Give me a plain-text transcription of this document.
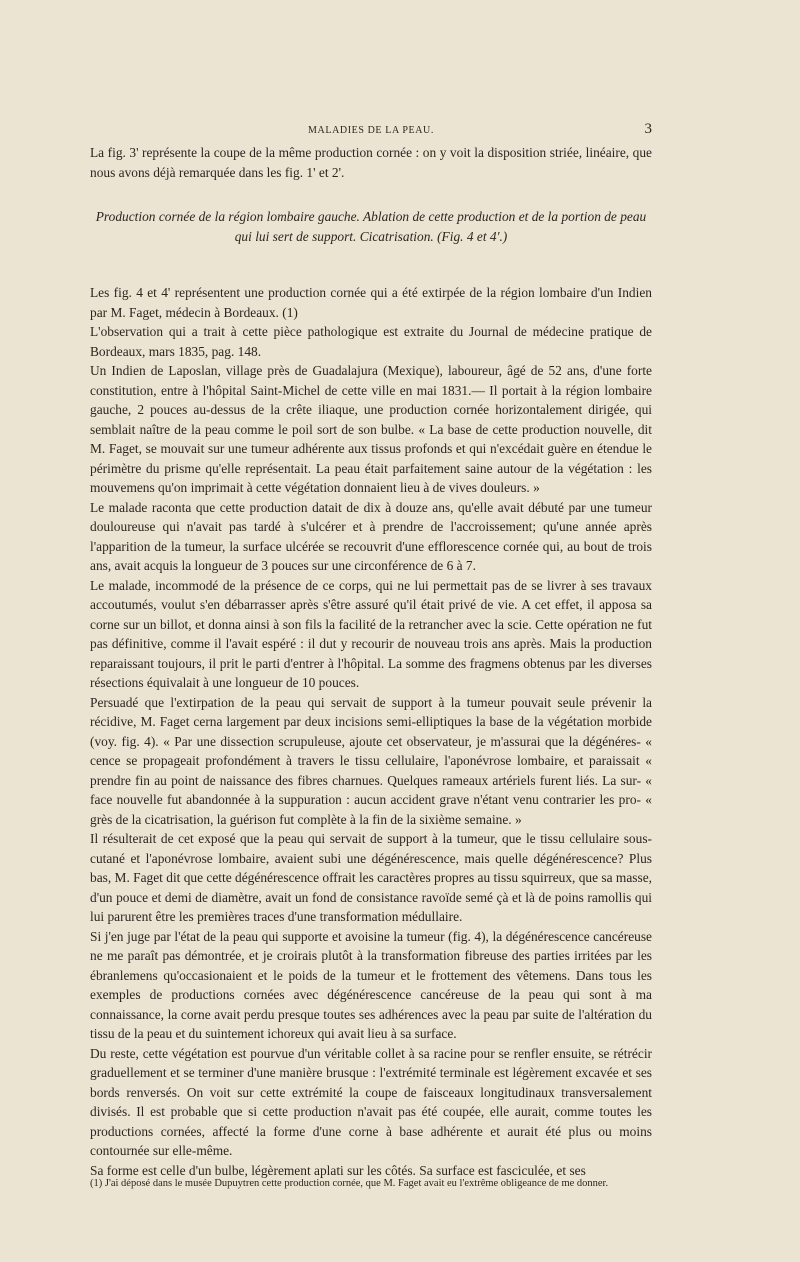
MALADIES DE LA PEAU.	3

La fig. 3' représente la coupe de la même production cornée : on y voit la disposition striée, linéaire, que nous avons déjà remarquée dans les fig. 1' et 2'.

Production cornée de la région lombaire gauche. Ablation de cette production et de la portion de peau qui lui sert de support. Cicatrisation. (Fig. 4 et 4'.)

Les fig. 4 et 4' représentent une production cornée qui a été extirpée de la région lombaire d'un Indien par M. Faget, médecin à Bordeaux. (1)

L'observation qui a trait à cette pièce pathologique est extraite du Journal de médecine pratique de Bordeaux, mars 1835, pag. 148.

Un Indien de Laposlan, village près de Guadalajura (Mexique), laboureur, âgé de 52 ans, d'une forte constitution, entre à l'hôpital Saint-Michel de cette ville en mai 1831.— Il portait à la région lombaire gauche, 2 pouces au-dessus de la crête iliaque, une production cornée horizontalement dirigée, qui semblait naître de la peau comme le poil sort de son bulbe. « La base de cette production nouvelle, dit M. Faget, se mouvait sur une tumeur adhérente aux tissus profonds et qui n'excédait guère en étendue le périmètre du prisme qu'elle représentait. La peau était parfaitement saine autour de la végétation : les mouvemens qu'on imprimait à cette végétation donnaient lieu à de vives douleurs. »

Le malade raconta que cette production datait de dix à douze ans, qu'elle avait débuté par une tumeur douloureuse qui n'avait pas tardé à s'ulcérer et à prendre de l'accroissement; qu'une année après l'apparition de la tumeur, la surface ulcérée se recouvrit d'une efflorescence cornée qui, au bout de trois ans, avait acquis la longueur de 3 pouces sur une circonférence de 6 à 7.

Le malade, incommodé de la présence de ce corps, qui ne lui permettait pas de se livrer à ses travaux accoutumés, voulut s'en débarrasser après s'être assuré qu'il était privé de vie. A cet effet, il apposa sa corne sur un billot, et donna ainsi à son fils la facilité de la retrancher avec la scie. Cette opération ne fut pas définitive, comme il l'avait espéré : il dut y recourir de nouveau trois ans après. Mais la production reparaissant toujours, il prit le parti d'entrer à l'hôpital. La somme des fragmens obtenus par les diverses résections équivalait à une longueur de 10 pouces.

Persuadé que l'extirpation de la peau qui servait de support à la tumeur pouvait seule prévenir la récidive, M. Faget cerna largement par deux incisions semi-elliptiques la base de la végétation morbide (voy. fig. 4). « Par une dissection scrupuleuse, ajoute cet observateur, je m'assurai que la dégénéres- « cence se propageait profondément à travers le tissu cellulaire, l'aponévrose lombaire, et paraissait « prendre fin au point de naissance des fibres charnues. Quelques rameaux artériels furent liés. La sur- « face nouvelle fut abandonnée à la suppuration : aucun accident grave n'étant venu contrarier les pro- « grès de la cicatrisation, la guérison fut complète à la fin de la sixième semaine. »

Il résulterait de cet exposé que la peau qui servait de support à la tumeur, que le tissu cellulaire sous-cutané et l'aponévrose lombaire, avaient subi une dégénérescence, mais quelle dégénérescence? Plus bas, M. Faget dit que cette dégénérescence offrait les caractères propres au tissu squirreux, que sa masse, d'un pouce et demi de diamètre, avait un fond de consistance ravoïde semé çà et là de poins ramollis qui lui parurent être les premières traces d'une transformation médullaire.

Si j'en juge par l'état de la peau qui supporte et avoisine la tumeur (fig. 4), la dégénérescence cancéreuse ne me paraît pas démontrée, et je croirais plutôt à la transformation fibreuse des parties irritées par les ébranlemens qu'occasionaient et le poids de la tumeur et le frottement des vêtemens. Dans tous les exemples de productions cornées avec dégénérescence cancéreuse de la peau qui sont à ma connaissance, la corne avait perdu presque toutes ses adhérences avec la peau par suite de l'altération du tissu de la peau et du suintement ichoreux qui avait lieu à sa surface.

Du reste, cette végétation est pourvue d'un véritable collet à sa racine pour se renfler ensuite, se rétrécir graduellement et se terminer d'une manière brusque : l'extrémité terminale est légèrement excavée et ses bords renversés. On voit sur cette extrémité la coupe de faisceaux longitudinaux transversalement divisés. Il est probable que si cette production n'avait pas été coupée, elle aurait, comme toutes les productions cornées, affecté la forme d'une corne à base adhérente et aurait été plus ou moins contournée sur elle-même.

Sa forme est celle d'un bulbe, légèrement aplati sur les côtés. Sa surface est fasciculée, et ses

(1) J'ai déposé dans le musée Dupuytren cette production cornée, que M. Faget avait eu l'extrême obligeance de me donner.
